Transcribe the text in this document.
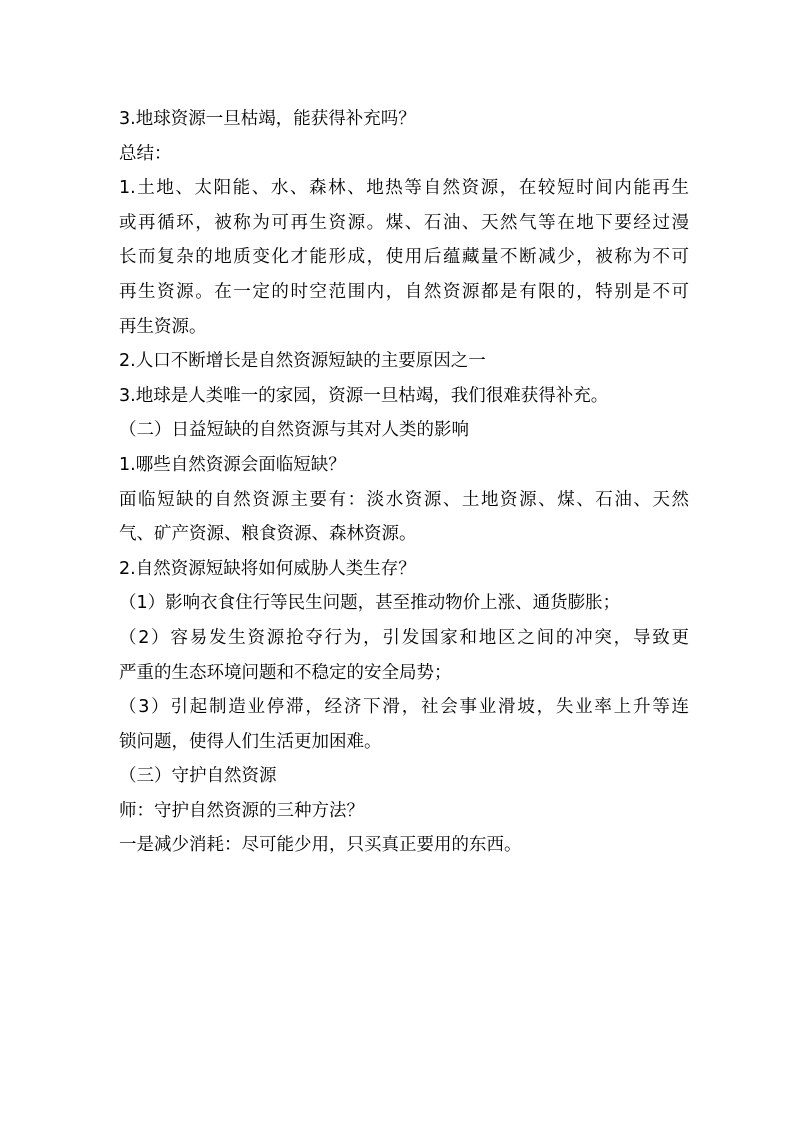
3.地球资源一旦枯竭，能获得补充吗？
总结：
1.土地、太阳能、水、森林、地热等自然资源，在较短时间内能再生
或再循环，被称为可再生资源。煤、石油、天然气等在地下要经过漫
长而复杂的地质变化才能形成，使用后蕴藏量不断减少，被称为不可
再生资源。在一定的时空范围内，自然资源都是有限的，特别是不可
再生资源。
2.人口不断增长是自然资源短缺的主要原因之一
3.地球是人类唯一的家园，资源一旦枯竭，我们很难获得补充。
（二）日益短缺的自然资源与其对人类的影响
1.哪些自然资源会面临短缺？
面临短缺的自然资源主要有：淡水资源、土地资源、煤、石油、天然
气、矿产资源、粮食资源、森林资源。
2.自然资源短缺将如何威胁人类生存？
（1）影响衣食住行等民生问题，甚至推动物价上涨、通货膨胀；
（2）容易发生资源抢夺行为，引发国家和地区之间的冲突，导致更
严重的生态环境问题和不稳定的安全局势；
（3）引起制造业停滞，经济下滑，社会事业滑坡，失业率上升等连
锁问题，使得人们生活更加困难。
（三）守护自然资源
师：守护自然资源的三种方法？
一是减少消耗：尽可能少用，只买真正要用的东西。
